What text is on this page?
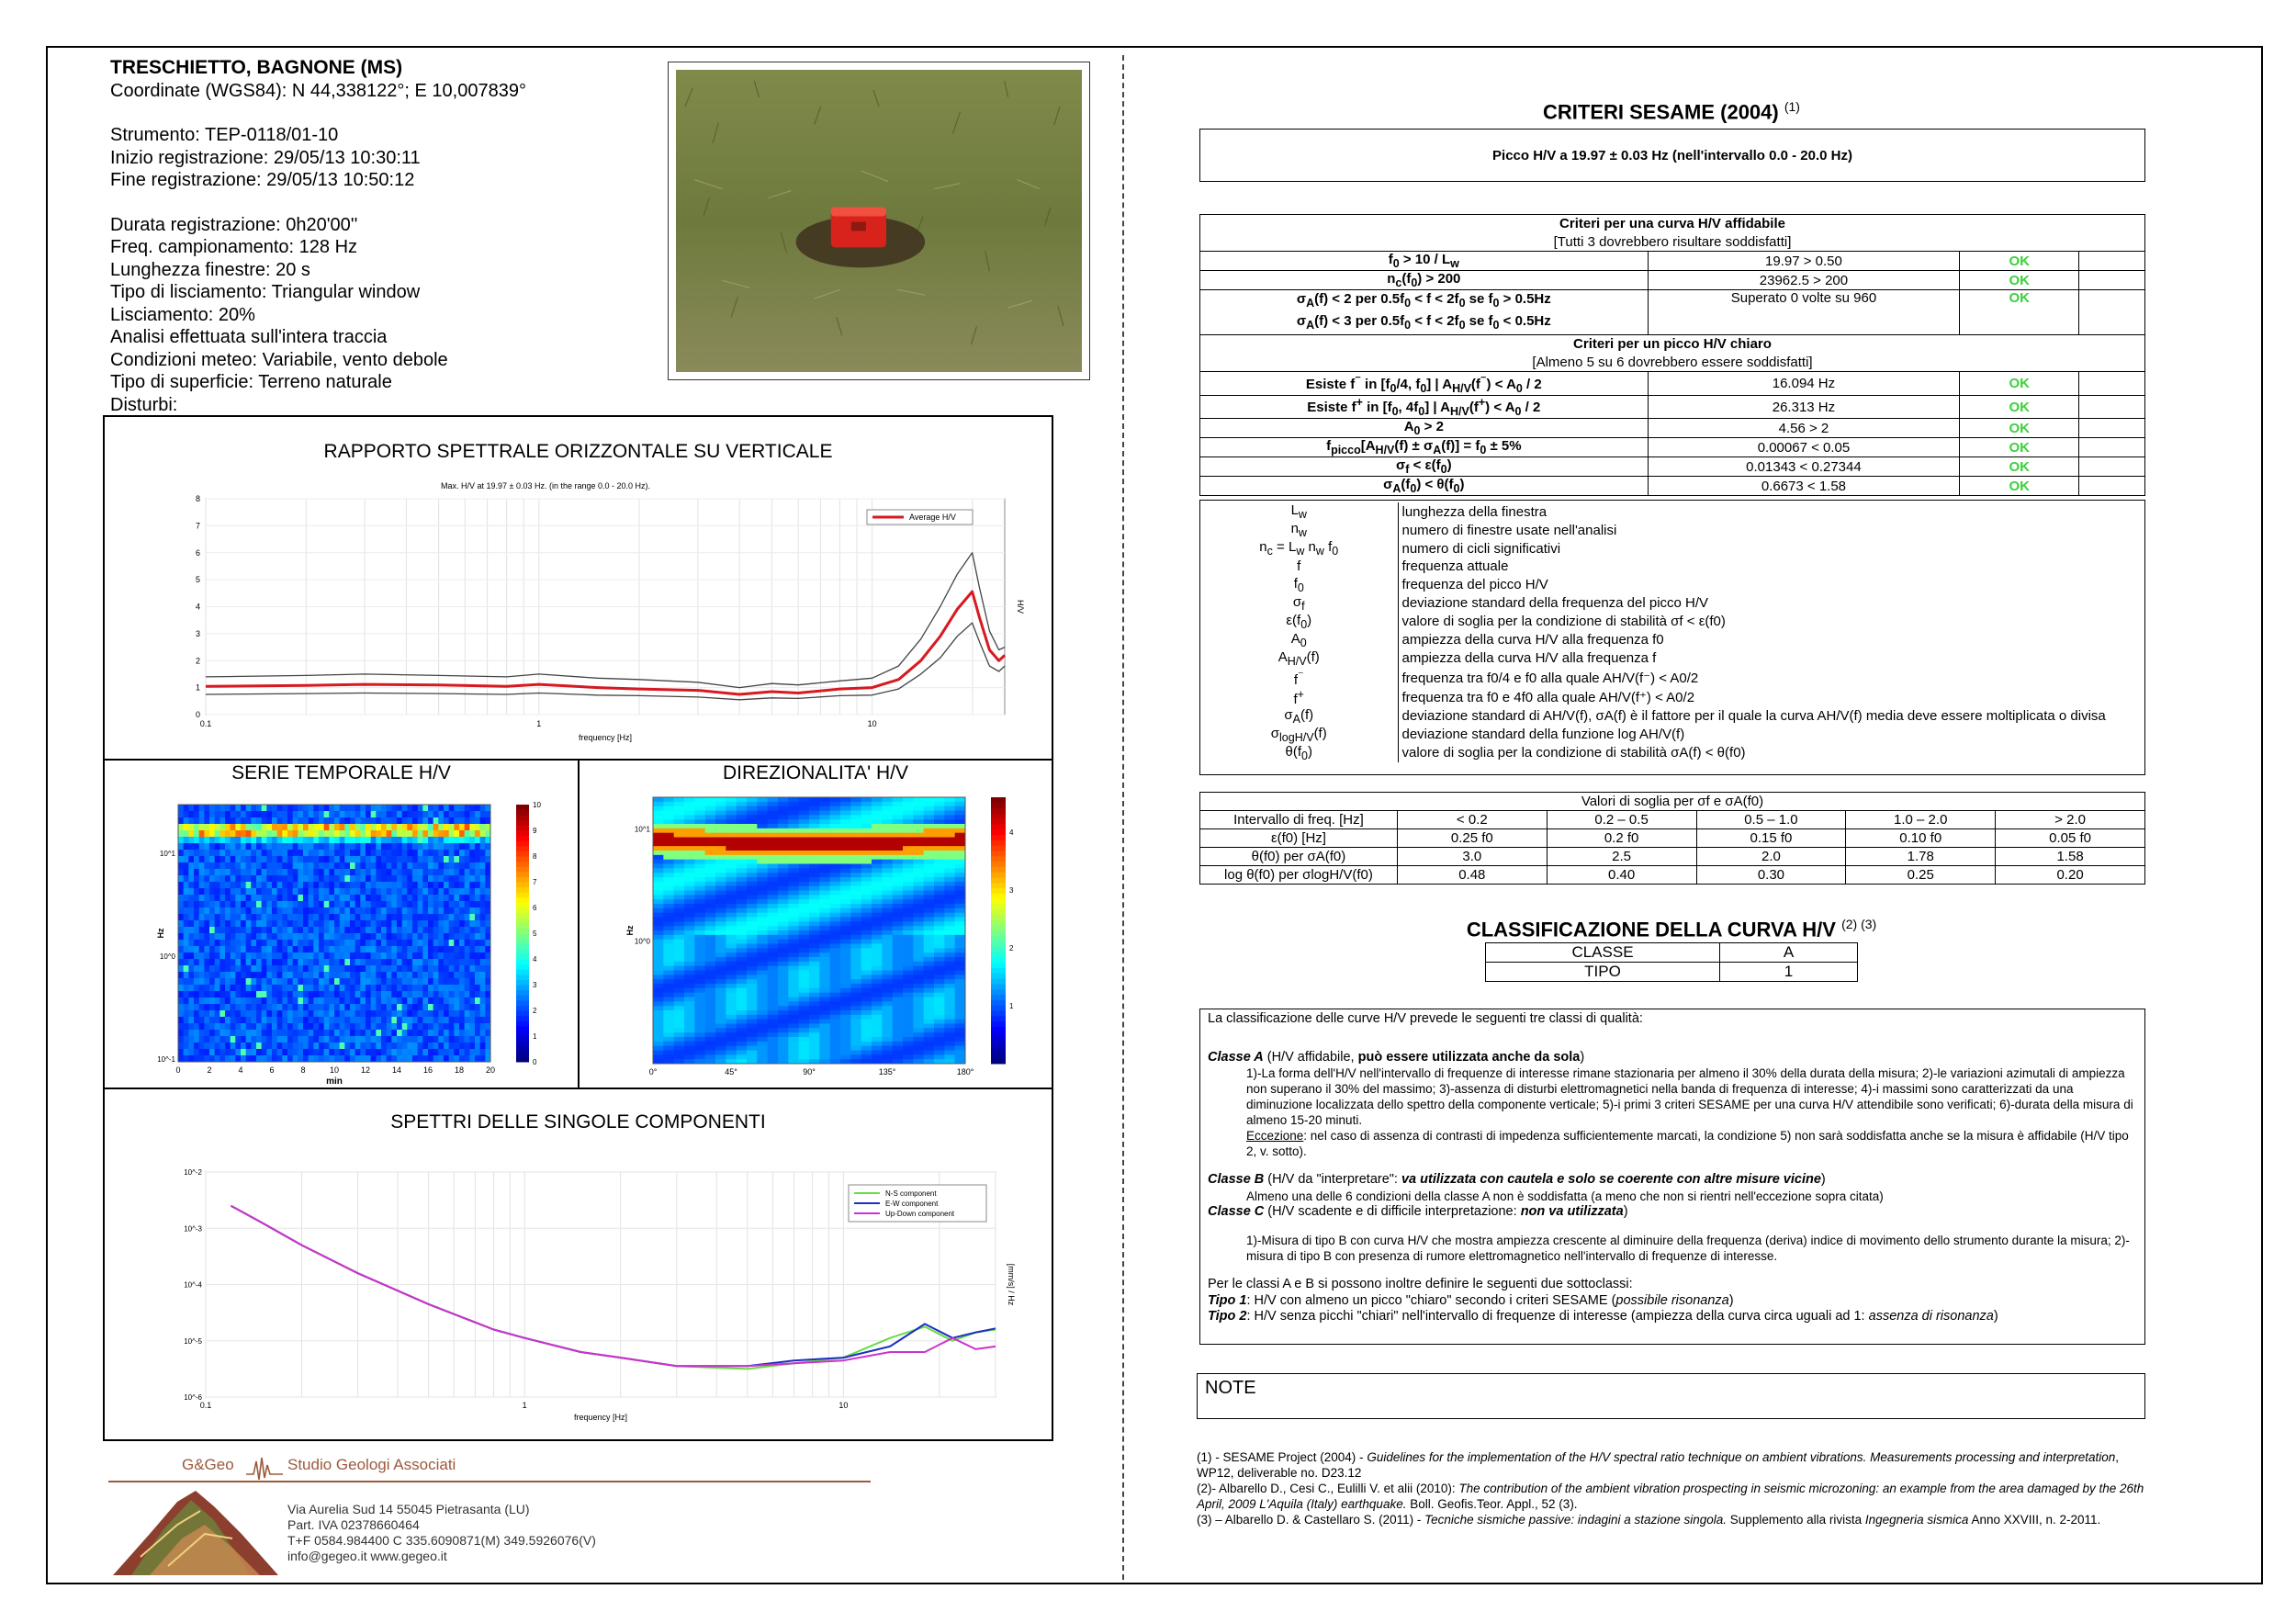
TRESCHIETTO, BAGNONE (MS)
Coordinate (WGS84): N 44,338122°; E 10,007839°
Strumento: TEP-0118/01-10
Inizio registrazione: 29/05/13 10:30:11
Fine registrazione: 29/05/13 10:50:12
Durata registrazione: 0h20'00''
Freq. campionamento: 128 Hz
Lunghezza finestre: 20 s
Tipo di lisciamento: Triangular window
Lisciamento: 20%
Analisi effettuata sull'intera traccia
Condizioni meteo: Variabile, vento debole
Tipo di superficie: Terreno naturale
Disturbi:
RAPPORTO SPETTRALE ORIZZONTALE SU VERTICALE
Max. H/V at 19.97 ± 0.03 Hz. (in the range 0.0 - 20.0 Hz).
0
1
2
3
4
5
6
7
8
0.1	1	10
frequency [Hz]
H/V
Average H/V
SERIE TEMPORALE H/V
0	2	4	6	8	10	12	14	16	18	20
min
10^-1
10^0
10^1
Hz
0
1
2
3
4
5
6
7
8
9
10
DIREZIONALITA' H/V
0°	45°	90°	135°	180°
10^0
10^1
Hz
1
2
3
4
SPETTRI DELLE SINGOLE COMPONENTI
10^-2
10^-3
10^-4
10^-5
10^-6
0.1	1	10
frequency [Hz]
[mm/s] / Hz
N-S component
E-W component
Up-Down component
G&Geo	Studio Geologi Associati
Via Aurelia Sud 14 55045 Pietrasanta (LU)
Part. IVA 02378660464
T+F 0584.984400 C 335.6090871(M) 349.5926076(V)
info@gegeo.it www.gegeo.it
CRITERI SESAME (2004) $^{(1)}$
Picco H/V a 19.97 ± 0.03 Hz (nell'intervallo 0.0 - 20.0 Hz)
Criteri per una curva H/V affidabile			
[Tutti 3 dovrebbero risultare soddisfatti]			
$f_0 > 10 / L_w$	19.97 > 0.50	OK	
$n_c(f_0) > 200$	23962.5 > 200	OK	
$\sigma_A(f) < 2$ per $0.5f_0 < f < 2f_0$ se $f_0 > 0.5Hz$
$\sigma_A(f) < 3$ per $0.5f_0 < f < 2f_0$ se $f_0 < 0.5Hz$	Superato 0 volte su 960	OK	
Criteri per un picco H/V chiaro			
[Almeno 5 su 6 dovrebbero essere soddisfatti]			
Esiste f⁻ in [$f_0/4$, $f_0$] | $A_{H/V}(f^{^-}) < A_0 / 2$	16.094 Hz	OK	
Esiste f+ in [$f_0$, $4f_0$] | $A_{H/V}(f^+) < A_0 / 2$	26.313 Hz	OK	
$A_0 > 2$	4.56 > 2	OK	
$f_{picco}[A_{H/V}(f) \pm \sigma_A(f)] = f_0 \pm 5\%$	0.00067 < 0.05	OK	
$\sigma_f < \varepsilon(f_0)$	0.01343 < 0.27344	OK	
$\sigma_A(f_0) < \theta(f_0)$	0.6673 < 1.58	OK	
$L_w$	lunghezza della finestra
$n_w$	numero di finestre usate nell'analisi
$n_c = L_w$ $n_w$ $f_0$	numero di cicli significativi
f	frequenza attuale
$f_0$	frequenza del picco H/V
$\sigma_f$	deviazione standard della frequenza del picco H/V
$\varepsilon(f_0)$	valore di soglia per la condizione di stabilità σf < ε(f0)
$A_0$	ampiezza della curva H/V alla frequenza f0
$A_{H/V}(f)$	ampiezza della curva H/V alla frequenza f
f⁻	frequenza tra f0/4 e f0 alla quale AH/V(f⁻) < A0/2
f+	frequenza tra f0 e 4f0 alla quale AH/V(f⁺) < A0/2
$\sigma_A(f)$	deviazione standard di AH/V(f), σA(f) è il fattore per il quale la curva AH/V(f) media deve essere moltiplicata o divisa
$\sigma_{logH/V}(f)$	deviazione standard della funzione log AH/V(f)
$\theta(f_0)$	valore di soglia per la condizione di stabilità σA(f) < θ(f0)
Valori di soglia per σf e σA(f0)					
Intervallo di freq. [Hz]	< 0.2	0.2 – 0.5	0.5 – 1.0	1.0 – 2.0	> 2.0
ε(f0) [Hz]	0.25 f0	0.2 f0	0.15 f0	0.10 f0	0.05 f0
θ(f0) per σA(f0)	3.0	2.5	2.0	1.78	1.58
log θ(f0) per σlogH/V(f0)	0.48	0.40	0.30	0.25	0.20
CLASSIFICAZIONE DELLA CURVA H/V $^{(2) (3)}$
CLASSE	A
TIPO	1
La classificazione delle curve H/V prevede le seguenti tre classi di qualità:
Classe A (H/V affidabile, può essere utilizzata anche da sola)
1)-La forma dell'H/V nell'intervallo di frequenze di interesse rimane stazionaria per almeno il 30% della durata della misura; 2)-le variazioni azimutali di ampiezza non superano il 30% del massimo; 3)-assenza di disturbi elettromagnetici nella banda di frequenza di interesse; 4)-i massimi sono caratterizzati da una diminuzione localizzata dello spettro della componente verticale; 5)-i primi 3 criteri SESAME per una curva H/V attendibile sono verificati; 6)-durata della misura di almeno 15-20 minuti.
Eccezione: nel caso di assenza di contrasti di impedenza sufficientemente marcati, la condizione 5) non sarà soddisfatta anche se la misura è affidabile (H/V tipo 2, v. sotto).
Classe B (H/V da "interpretare": va utilizzata con cautela e solo se coerente con altre misure vicine)
Almeno una delle 6 condizioni della classe A non è soddisfatta (a meno che non si rientri nell'eccezione sopra citata)
Classe C (H/V scadente e di difficile interpretazione: non va utilizzata)
1)-Misura di tipo B con curva H/V che mostra ampiezza crescente al diminuire della frequenza (deriva) indice di movimento dello strumento durante la misura; 2)-misura di tipo B con presenza di rumore elettromagnetico nell'intervallo di frequenze di interesse.
Per le classi A e B si possono inoltre definire le seguenti due sottoclassi:
Tipo 1: H/V con almeno un picco "chiaro" secondo i criteri SESAME (possibile risonanza)
Tipo 2: H/V senza picchi "chiari" nell'intervallo di frequenze di interesse (ampiezza della curva circa uguali ad 1: assenza di risonanza)
NOTE
(1) - SESAME Project (2004) - Guidelines for the implementation of the H/V spectral ratio technique on ambient vibrations. Measurements processing and interpretation, WP12, deliverable no. D23.12
(2)- Albarello D., Cesi C., Eulilli V. et alii (2010): The contribution of the ambient vibration prospecting in seismic microzoning: an example from the area damaged by the 26th April, 2009 L'Aquila (Italy) earthquake. Boll. Geofis.Teor. Appl., 52 (3).
(3) – Albarello D. & Castellaro S. (2011) - Tecniche sismiche passive: indagini a stazione singola. Supplemento alla rivista Ingegneria sismica Anno XXVIII, n. 2-2011.
